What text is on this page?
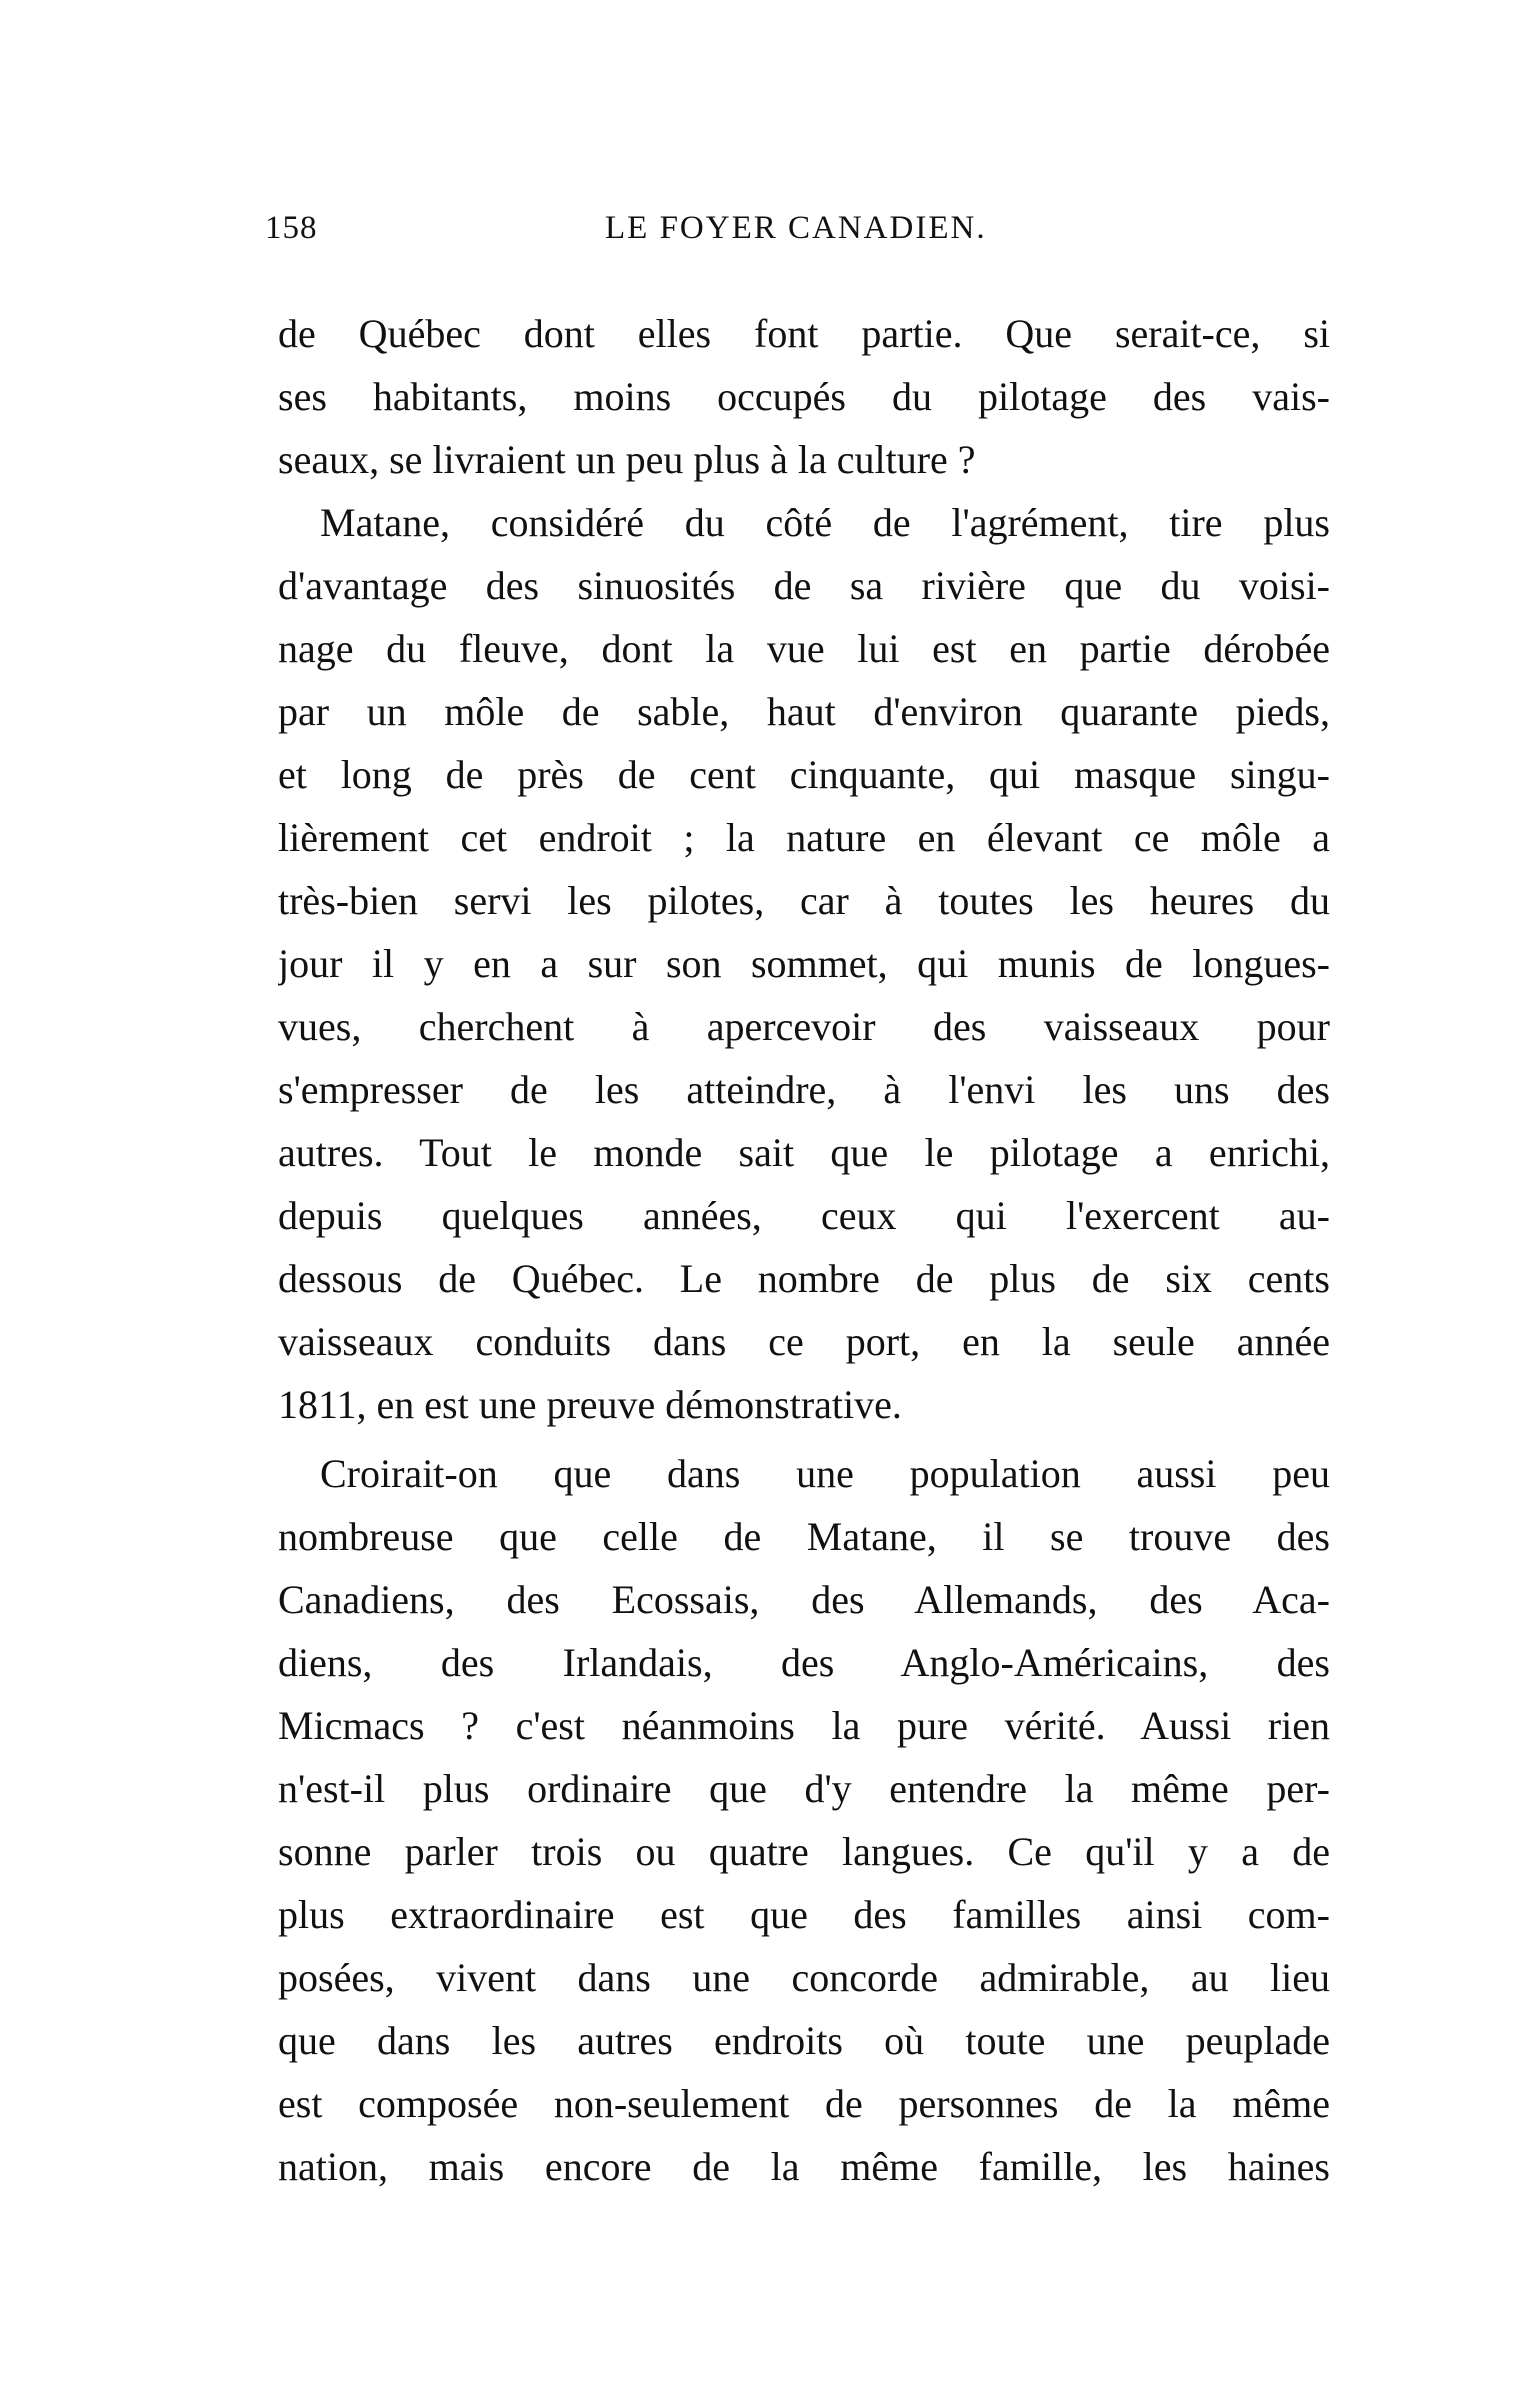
158	LE FOYER CANADIEN.
de Québec dont elles font partie. Que serait-ce, si
ses habitants, moins occupés du pilotage des vais-
seaux, se livraient un peu plus à la culture ?
Matane, considéré du côté de l'agrément, tire plus
d'avantage des sinuosités de sa rivière que du voisi-
nage du fleuve, dont la vue lui est en partie dérobée
par un môle de sable, haut d'environ quarante pieds,
et long de près de cent cinquante, qui masque singu-
lièrement cet endroit ; la nature en élevant ce môle a
très-bien servi les pilotes, car à toutes les heures du
jour il y en a sur son sommet, qui munis de longues-
vues, cherchent à apercevoir des vaisseaux pour
s'empresser de les atteindre, à l'envi les uns des
autres. Tout le monde sait que le pilotage a enrichi,
depuis quelques années, ceux qui l'exercent au-
dessous de Québec. Le nombre de plus de six cents
vaisseaux conduits dans ce port, en la seule année
1811, en est une preuve démonstrative.
Croirait-on que dans une population aussi peu
nombreuse que celle de Matane, il se trouve des
Canadiens, des Ecossais, des Allemands, des Aca-
diens, des Irlandais, des Anglo-Américains, des
Micmacs ? c'est néanmoins la pure vérité. Aussi rien
n'est-il plus ordinaire que d'y entendre la même per-
sonne parler trois ou quatre langues. Ce qu'il y a de
plus extraordinaire est que des familles ainsi com-
posées, vivent dans une concorde admirable, au lieu
que dans les autres endroits où toute une peuplade
est composée non-seulement de personnes de la même
nation, mais encore de la même famille, les haines
